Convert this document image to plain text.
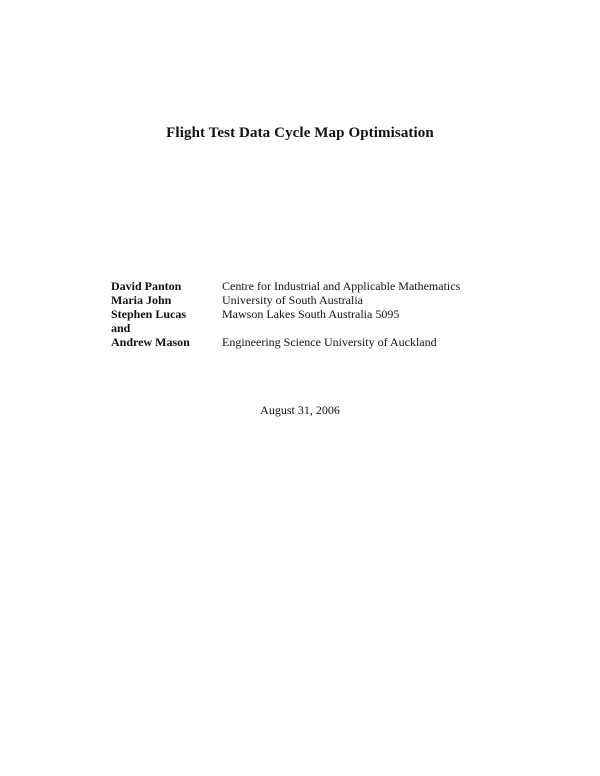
Flight Test Data Cycle Map Optimisation
David Panton	Centre for Industrial and Applicable Mathematics
Maria John	University of South Australia
Stephen Lucas	Mawson Lakes South Australia 5095
and
Andrew Mason	Engineering Science University of Auckland
August 31, 2006
